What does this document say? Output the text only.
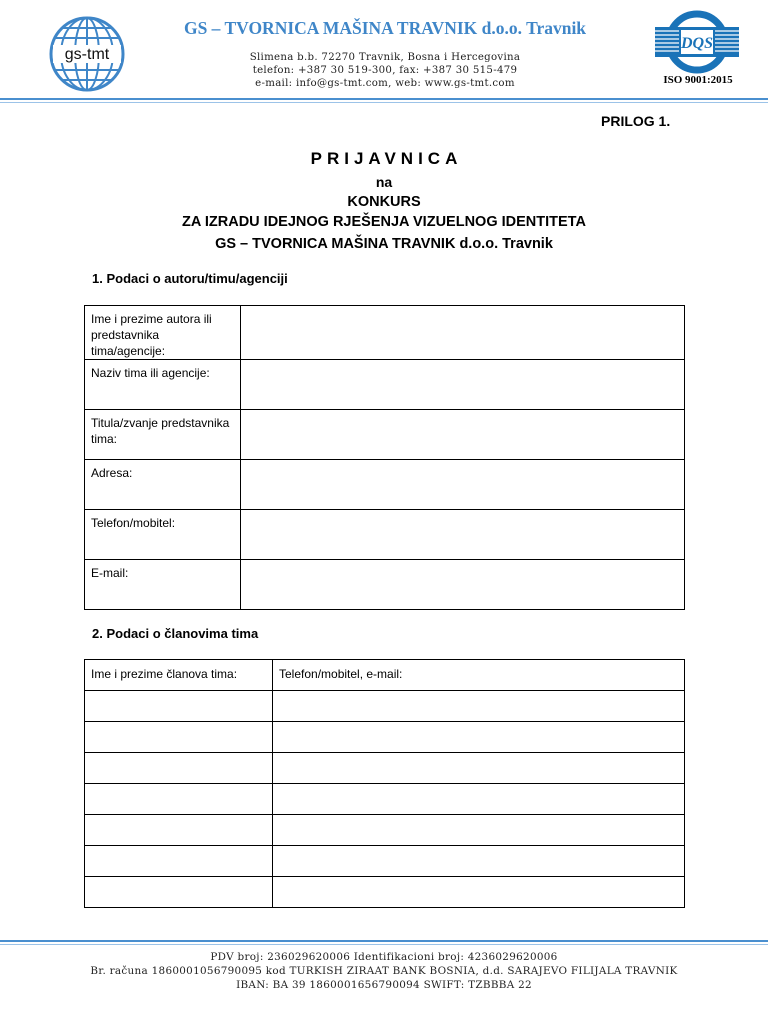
gs-tmt
GS – TVORNICA MAŠINA TRAVNIK d.o.o. Travnik
Slimena b.b. 72270 Travnik, Bosna i Hercegovina
telefon: +387 30 519-300, fax: +387 30 515-479
e-mail: info@gs-tmt.com, web: www.gs-tmt.com
DQS
ISO 9001:2015
PRILOG 1.
PRIJAVNICA
na
KONKURS
ZA IZRADU IDEJNOG RJEŠENJA VIZUELNOG IDENTITETA
GS – TVORNICA MAŠINA TRAVNIK d.o.o. Travnik
1. Podaci o autoru/timu/agenciji
Ime i prezime autora ili predstavnika tima/agencije:	
Naziv tima ili agencije:	
Titula/zvanje predstavnika tima:	
Adresa:	
Telefon/mobitel:	
E-mail:	
2. Podaci o članovima tima
Ime i prezime članova tima:	Telefon/mobitel, e-mail:

PDV broj: 236029620006 Identifikacioni broj: 4236029620006
Br. računa 1860001056790095 kod TURKISH ZIRAAT BANK BOSNIA, d.d. SARAJEVO FILIJALA TRAVNIK
IBAN: BA 39 1860001656790094 SWIFT: TZBBBA 22
